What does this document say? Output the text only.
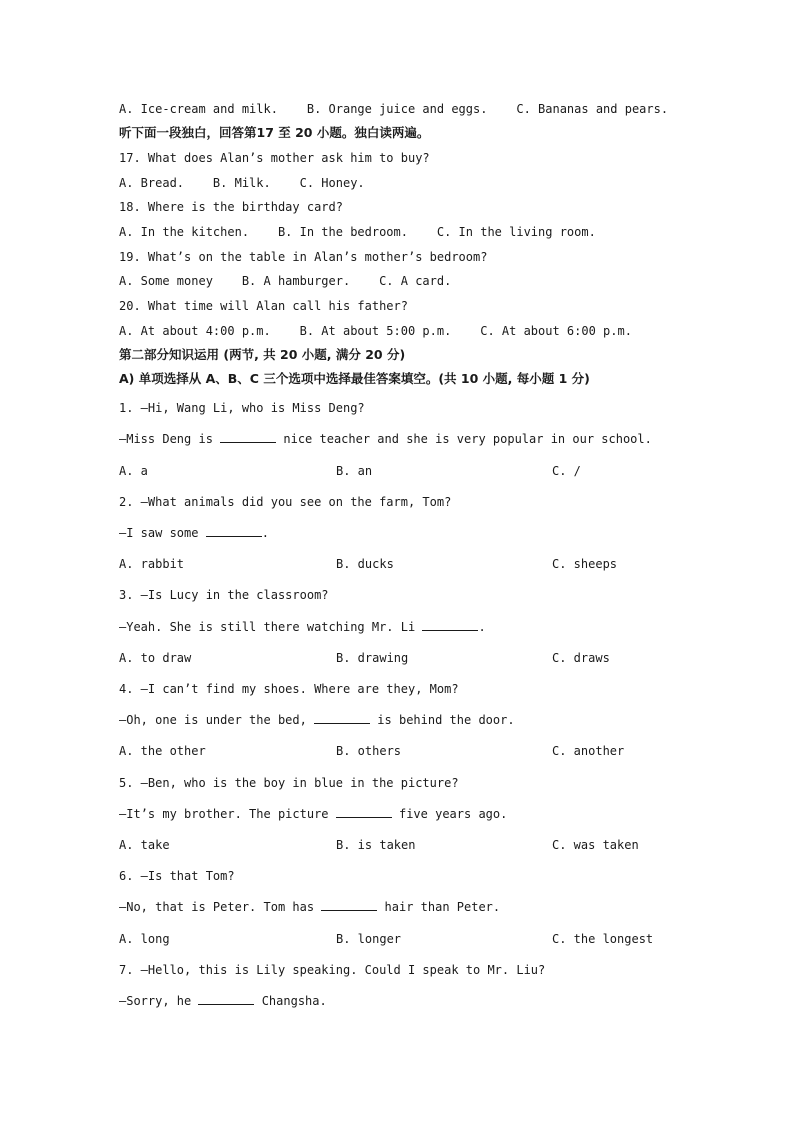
A. Ice-cream and milk.    B. Orange juice and eggs.    C. Bananas and pears.
听下面一段独白，回答第17 至 20 小题。独白读两遍。
17. What does Alan’s mother ask him to buy?
A. Bread.    B. Milk.    C. Honey.
18. Where is the birthday card?
A. In the kitchen.    B. In the bedroom.    C. In the living room.
19. What’s on the table in Alan’s mother’s bedroom?
A. Some money    B. A hamburger.    C. A card.
20. What time will Alan call his father?
A. At about 4:00 p.m.    B. At about 5:00 p.m.    C. At about 6:00 p.m.
第二部分知识运用 (两节, 共 20 小题, 满分 20 分)
A) 单项选择从 A、B、C 三个选项中选择最佳答案填空。(共 10 小题, 每小题 1 分)
1. —Hi, Wang Li, who is Miss Deng?
—Miss Deng is	nice teacher and she is very popular in our school.
A. a	B. an	C. /
2. —What animals did you see on the farm, Tom?
—I saw some	.
A. rabbit	B. ducks	C. sheeps
3. —Is Lucy in the classroom?
—Yeah. She is still there watching Mr. Li	.
A. to draw	B. drawing	C. draws
4. —I can’t find my shoes. Where are they, Mom?
—Oh, one is under the bed,	is behind the door.
A. the other	B. others	C. another
5. —Ben, who is the boy in blue in the picture?
—It’s my brother. The picture	five years ago.
A. take	B. is taken	C. was taken
6. —Is that Tom?
—No, that is Peter. Tom has	hair than Peter.
A. long	B. longer	C. the longest
7. —Hello, this is Lily speaking. Could I speak to Mr. Liu?
—Sorry, he	Changsha.
